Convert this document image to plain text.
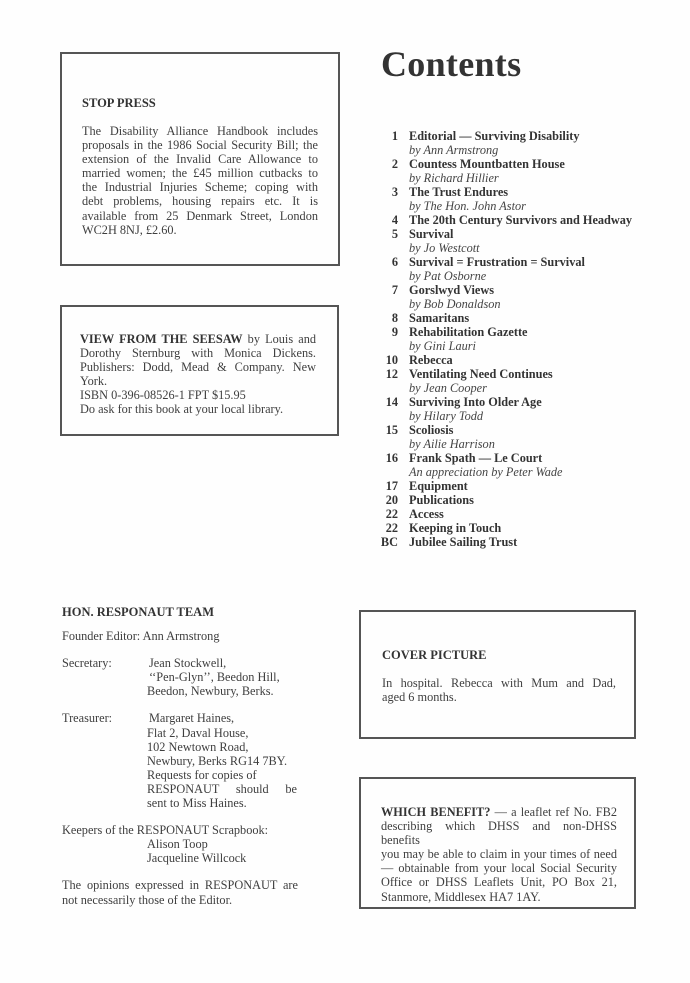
STOP PRESS
The Disability Alliance Handbook includes
proposals in the 1986 Social Security Bill; the
extension of the Invalid Care Allowance to
married women; the £45 million cutbacks to
the Industrial Injuries Scheme; coping with
debt problems, housing repairs etc. It is
available from 25 Denmark Street, London
WC2H 8NJ, £2.60.
VIEW FROM THE SEESAW by Louis and
Dorothy Sternburg with Monica Dickens.
Publishers: Dodd, Mead & Company. New
York.
ISBN 0-396-08526-1 FPT $15.95
Do ask for this book at your local library.
Contents
1 Editorial — Surviving Disability
by Ann Armstrong
2 Countess Mountbatten House
by Richard Hillier
3 The Trust Endures
by The Hon. John Astor
4 The 20th Century Survivors and Headway
5 Survival
by Jo Westcott
6 Survival = Frustration = Survival
by Pat Osborne
7 Gorslwyd Views
by Bob Donaldson
8 Samaritans
9 Rehabilitation Gazette
by Gini Lauri
10 Rebecca
12 Ventilating Need Continues
by Jean Cooper
14 Surviving Into Older Age
by Hilary Todd
15 Scoliosis
by Ailie Harrison
16 Frank Spath — Le Court
An appreciation by Peter Wade
17 Equipment
20 Publications
22 Access
22 Keeping in Touch
BC Jubilee Sailing Trust
HON. RESPONAUT TEAM
Founder Editor: Ann Armstrong
Secretary:	Jean Stockwell,
‘‘Pen-Glyn’’, Beedon Hill,
Beedon, Newbury, Berks.
Treasurer:	Margaret Haines,
Flat 2, Daval House,
102 Newtown Road,
Newbury, Berks RG14 7BY.
Requests for copies of
RESPONAUT should be
sent to Miss Haines.
Keepers of the RESPONAUT Scrapbook:
Alison Toop
Jacqueline Willcock
The opinions expressed in RESPONAUT are
not necessarily those of the Editor.
COVER PICTURE
In hospital. Rebecca with Mum and Dad,
aged 6 months.
WHICH BENEFIT? — a leaflet ref No. FB2
describing which DHSS and non-DHSS benefits
you may be able to claim in your times of need
— obtainable from your local Social Security
Office or DHSS Leaflets Unit, PO Box 21,
Stanmore, Middlesex HA7 1AY.
